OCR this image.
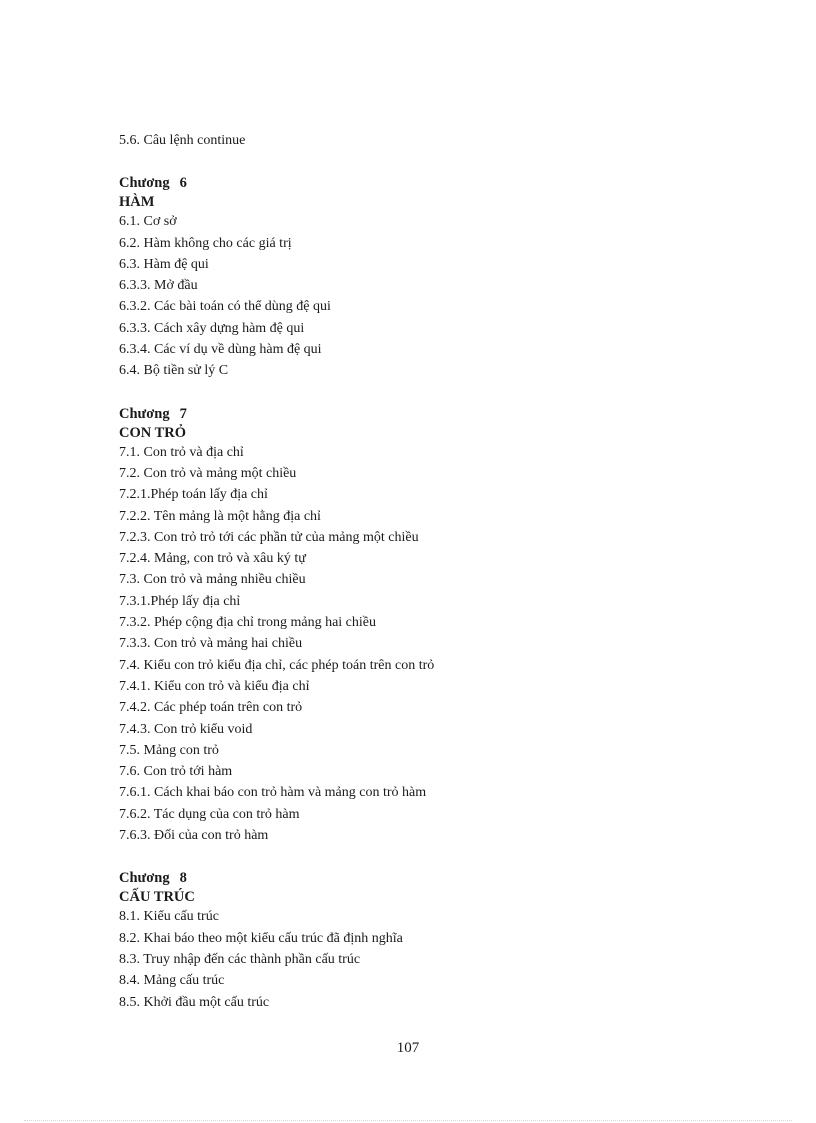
5.6. Câu lệnh continue
Chương 6
HÀM
6.1. Cơ sở
6.2. Hàm không cho các giá trị
6.3. Hàm đệ qui
6.3.3. Mở đầu
6.3.2. Các bài toán có thể dùng đệ qui
6.3.3. Cách xây dựng hàm đệ qui
6.3.4. Các ví dụ về dùng hàm đệ qui
6.4. Bộ tiền sử lý C
Chương 7
CON TRỎ
7.1. Con trỏ và địa chỉ
7.2. Con trỏ và mảng một chiều
7.2.1.Phép toán lấy địa chỉ
7.2.2. Tên mảng là một hằng địa chỉ
7.2.3. Con trỏ trỏ tới các phần tử của mảng một chiều
7.2.4. Mảng, con trỏ và xâu ký tự
7.3. Con trỏ và mảng nhiều chiều
7.3.1.Phép lấy địa chỉ
7.3.2. Phép cộng địa chỉ trong mảng hai chiều
7.3.3. Con trỏ và mảng hai chiều
7.4. Kiểu con trỏ kiểu địa chỉ, các phép toán trên con trỏ
7.4.1. Kiểu con trỏ và kiểu địa chỉ
7.4.2. Các phép toán trên con trỏ
7.4.3. Con trỏ kiểu void
7.5. Mảng con trỏ
7.6. Con trỏ tới hàm
7.6.1. Cách khai báo con trỏ hàm và mảng con trỏ hàm
7.6.2. Tác dụng của con trỏ hàm
7.6.3. Đối của con trỏ hàm
Chương 8
CẤU TRÚC
8.1. Kiểu cấu trúc
8.2. Khai báo theo một kiểu cấu trúc đã định nghĩa
8.3. Truy nhập đến các thành phần cấu trúc
8.4. Mảng cấu trúc
8.5. Khởi đầu một cấu trúc
107
